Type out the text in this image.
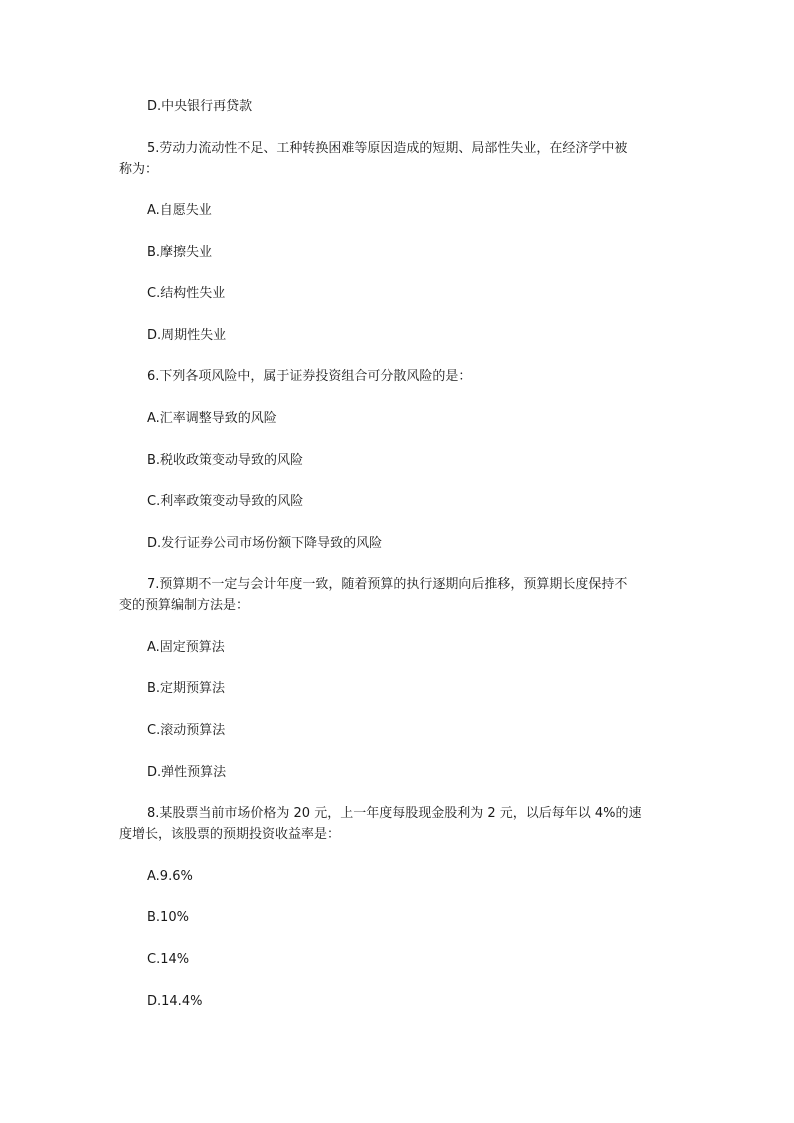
D.中央银行再贷款
5.劳动力流动性不足、工种转换困难等原因造成的短期、局部性失业，在经济学中被
称为：
A.自愿失业
B.摩擦失业
C.结构性失业
D.周期性失业
6.下列各项风险中，属于证券投资组合可分散风险的是：
A.汇率调整导致的风险
B.税收政策变动导致的风险
C.利率政策变动导致的风险
D.发行证券公司市场份额下降导致的风险
7.预算期不一定与会计年度一致，随着预算的执行逐期向后推移，预算期长度保持不
变的预算编制方法是：
A.固定预算法
B.定期预算法
C.滚动预算法
D.弹性预算法
8.某股票当前市场价格为 20 元，上一年度每股现金股利为 2 元，以后每年以 4%的速
度增长，该股票的预期投资收益率是：
A.9.6%
B.10%
C.14%
D.14.4%
